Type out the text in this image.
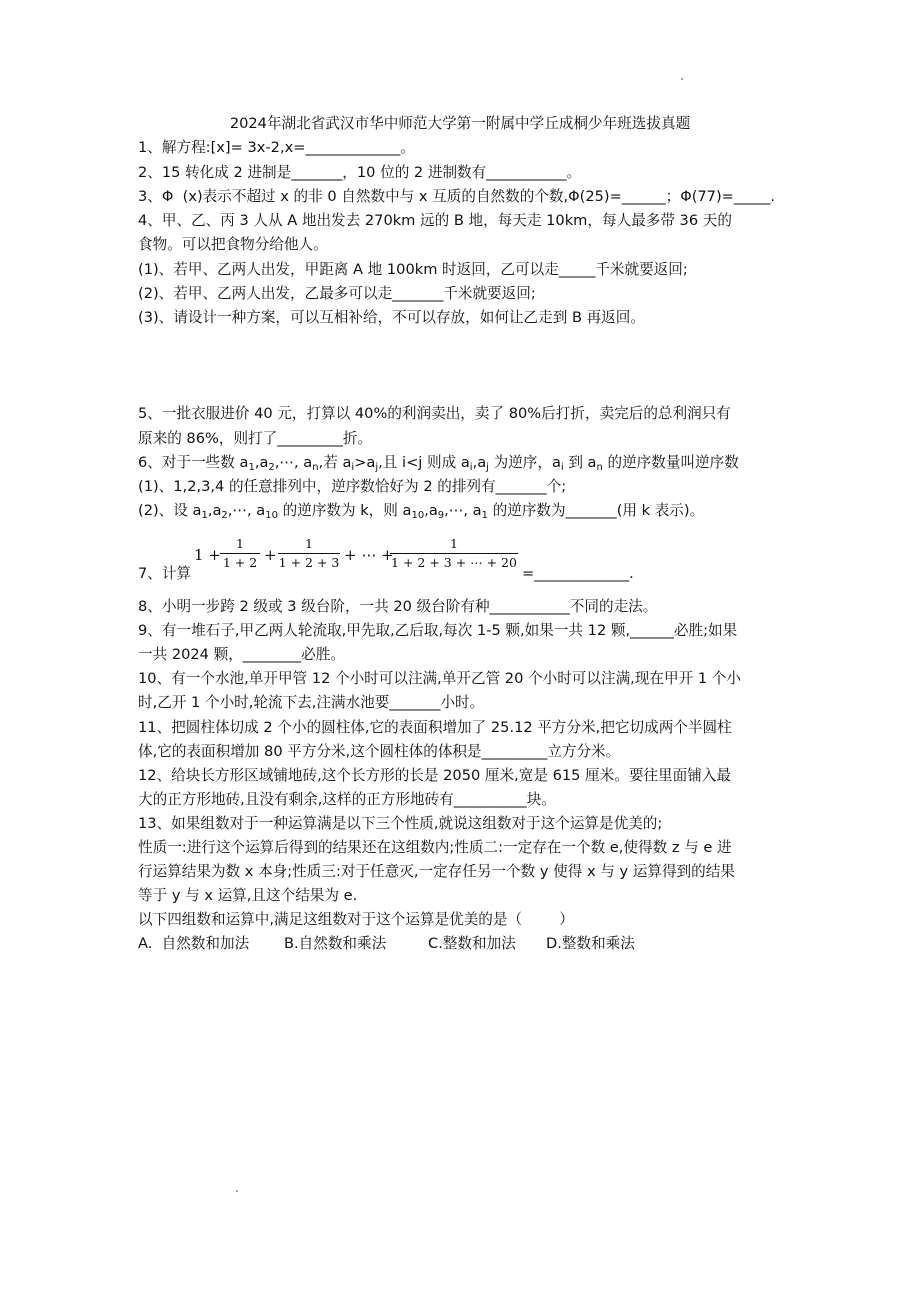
2024年湖北省武汉市华中师范大学第一附属中学丘成桐少年班选拔真题
1、解方程:[x]= 3x-2,x=_____________。
2、15 转化成 2 进制是_______，10 位的 2 进制数有___________。
3、Φ  (x)表示不超过 x 的非 0 自然数中与 x 互质的自然数的个数,Φ(25)=______；Φ(77)=_____.
4、甲、乙、丙 3 人从 A 地出发去 270km 远的 B 地，每天走 10km，每人最多带 36 天的
食物。可以把食物分给他人。
(1)、若甲、乙两人出发，甲距离 A 地 100km 时返回，乙可以走_____千米就要返回;
(2)、若甲、乙两人出发，乙最多可以走_______千米就要返回;
(3)、请设计一种方案，可以互相补给，不可以存放，如何让乙走到 B 再返回。
5、一批衣服进价 40 元，打算以 40%的利润卖出，卖了 80%后打折，卖完后的总利润只有
原来的 86%，则打了_________折。
6、对于一些数 $a_1,a_2,\cdots$, $a_n$,若 $a_i>a_j$,且 i<j 则成 $a_i,a_j$ 为逆序，$a_i$ 到 $a_n$ 的逆序数量叫逆序数
(1)、1,2,3,4 的任意排列中，逆序数恰好为 2 的排列有_______个;
(2)、设 $a_1,a_2,\cdots$, $a_{10}$ 的逆序数为 k，则 $a_{10},a_9,\cdots$, $a_1$ 的逆序数为_______(用 k 表示)。
1 +
1
1 + 2 +
1
1 + 2 + 3 + ⋯ +
1
1 + 2 + 3 + ⋯ + 20
7、计算	=_____________.
8、小明一步跨 2 级或 3 级台阶，一共 20 级台阶有种___________不同的走法。
9、有一堆石子,甲乙两人轮流取,甲先取,乙后取,每次 1-5 颗,如果一共 12 颗,______必胜;如果
一共 2024 颗，________必胜。
10、有一个水池,单开甲管 12 个小时可以注满,单开乙管 20 个小时可以注满,现在甲开 1 个小
时,乙开 1 个小时,轮流下去,注满水池要_______小时。
11、把圆柱体切成 2 个小的圆柱体,它的表面积增加了 25.12 平方分米,把它切成两个半圆柱
体,它的表面积增加 80 平方分米,这个圆柱体的体积是_________立方分米。
12、给块长方形区域铺地砖,这个长方形的长是 2050 厘米,宽是 615 厘米。要往里面铺入最
大的正方形地砖,且没有剩余,这样的正方形地砖有__________块。
13、如果组数对于一种运算满是以下三个性质,就说这组数对于这个运算是优美的;
性质一:进行这个运算后得到的结果还在这组数内;性质二:一定存在一个数 e,使得数 z 与 e 进
行运算结果为数 x 本身;性质三:对于任意灭,一定存任另一个数 y 使得 x 与 y 运算得到的结果
等于 y 与 x 运算,且这个结果为 e.
以下四组数和运算中,满足这组数对于这个运算是优美的是（        ）
A.  自然数和加法 B.自然数和乘法	C.整数和加法 D.整数和乘法
